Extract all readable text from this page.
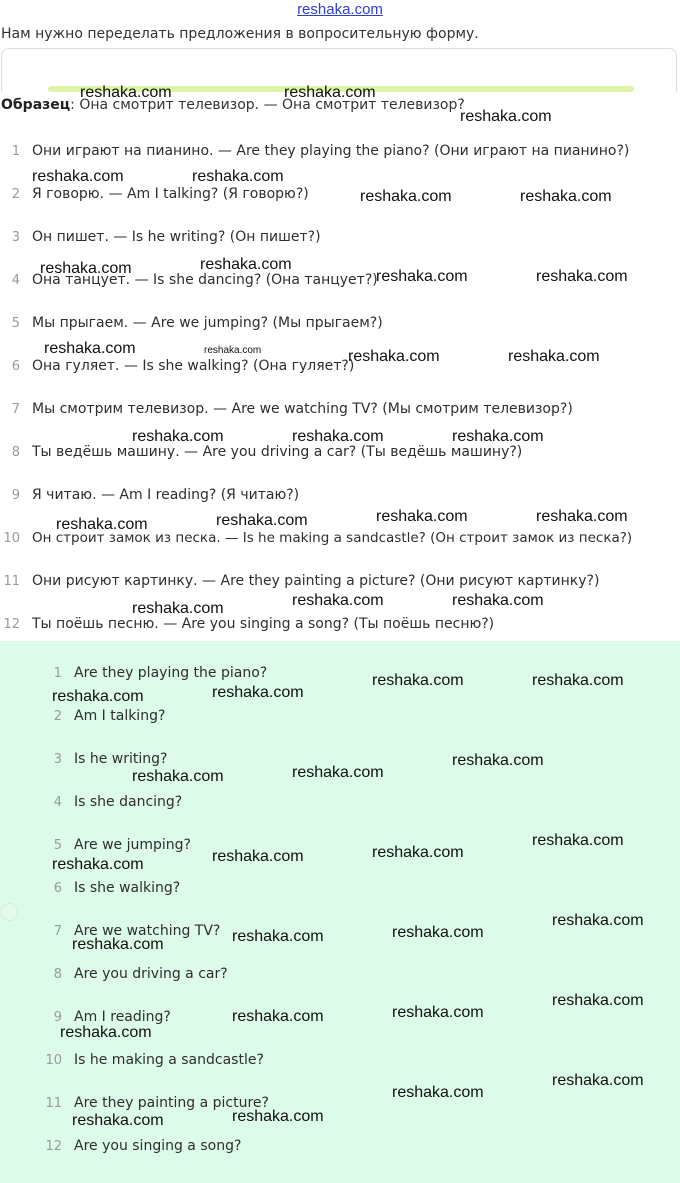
reshaka.com
Нам нужно переделать предложения в вопросительную форму.
Образец: Она смотрит телевизор. — Она смотрит телевизор?
1 Они играют на пианино. — Are they playing the piano? (Они играют на пианино?)
2 Я говорю. — Am I talking? (Я говорю?)
3 Он пишет. — Is he writing? (Он пишет?)
4 Она танцует. — Is she dancing? (Она танцует?)
5 Мы прыгаем. — Are we jumping? (Мы прыгаем?)
6 Она гуляет. — Is she walking? (Она гуляет?)
7 Мы смотрим телевизор. — Are we watching TV? (Мы смотрим телевизор?)
8 Ты ведёшь машину. — Are you driving a car? (Ты ведёшь машину?)
9 Я читаю. — Am I reading? (Я читаю?)
10 Он строит замок из песка. — Is he making a sandcastle? (Он строит замок из песка?)
11 Они рисуют картинку. — Are they painting a picture? (Они рисуют картинку?)
12 Ты поёшь песню. — Are you singing a song? (Ты поёшь песню?)
1 Are they playing the piano?
2 Am I talking?
3 Is he writing?
4 Is she dancing?
5 Are we jumping?
6 Is she walking?
7 Are we watching TV?
8 Are you driving a car?
9 Am I reading?
10 Is he making a sandcastle?
11 Are they painting a picture?
12 Are you singing a song?
reshaka.com	reshaka.com
reshaka.com
reshaka.com	reshaka.com
reshaka.com	reshaka.com
reshaka.com	reshaka.com
reshaka.com	reshaka.com
reshaka.com	reshaka.com	reshaka.com	reshaka.com
reshaka.com	reshaka.com	reshaka.com
reshaka.com	reshaka.com	reshaka.com	reshaka.com
reshaka.com	reshaka.com	reshaka.com
reshaka.com	reshaka.com
reshaka.com	reshaka.com
reshaka.com	reshaka.com
reshaka.com
reshaka.com	reshaka.com	reshaka.com
reshaka.com
reshaka.com	reshaka.com	reshaka.com
reshaka.com
reshaka.com
reshaka.com	reshaka.com
reshaka.com
reshaka.com	reshaka.com
reshaka.com
reshaka.com
